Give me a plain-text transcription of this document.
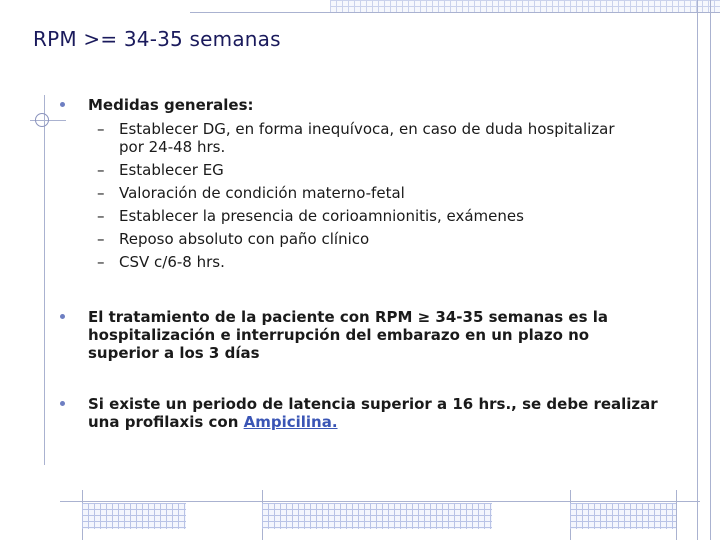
RPM >= 34-35 semanas
Medidas generales:
– Establecer DG, en forma inequívoca, en caso de duda hospitalizar por 24-48 hrs.
– Establecer EG
– Valoración de condición materno-fetal
– Establecer la presencia de corioamnionitis, exámenes
– Reposo absoluto con paño clínico
– CSV c/6-8 hrs.
El tratamiento de la paciente con RPM ≥ 34-35 semanas es la hospitalización e interrupción del embarazo en un plazo no superior a los 3 días
Si existe un periodo de latencia superior a 16 hrs., se debe realizar una profilaxis con Ampicilina.
